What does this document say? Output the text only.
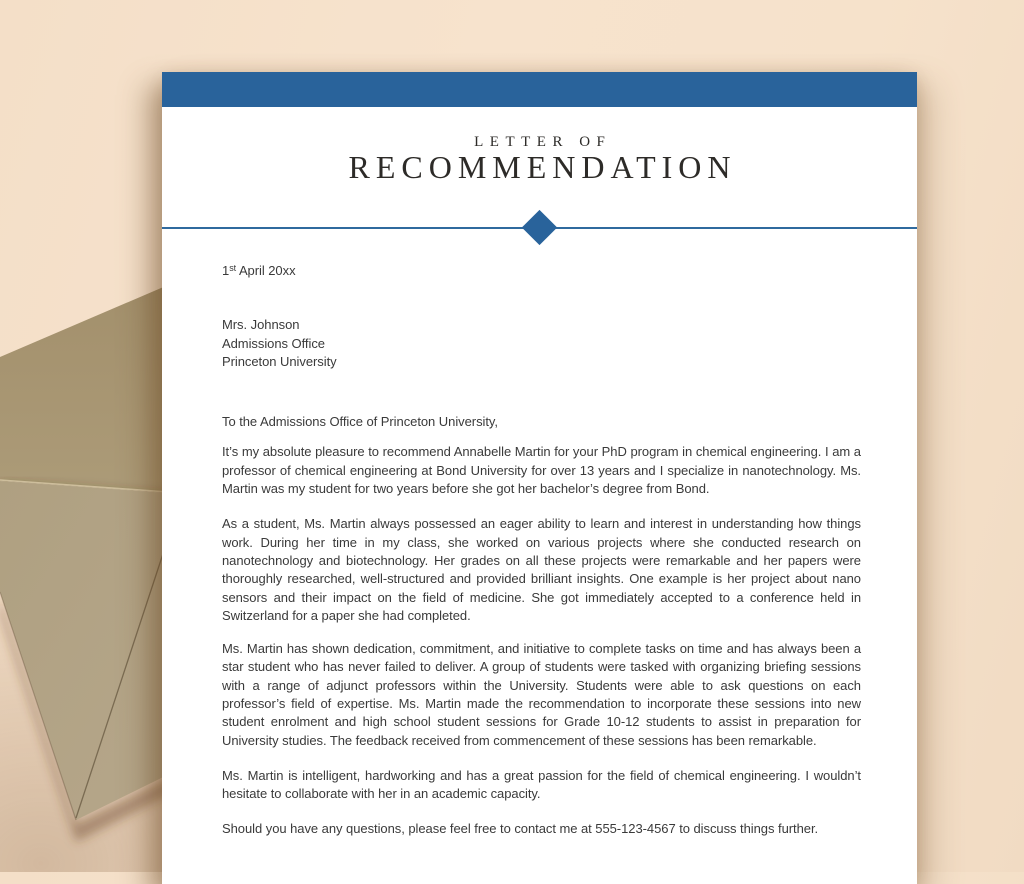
LETTER OF
RECOMMENDATION
1st April 20xx
Mrs. Johnson
Admissions Office
Princeton University
To the Admissions Office of Princeton University,

It’s my absolute pleasure to recommend Annabelle Martin for your PhD program in chemical engineering. I am a professor of chemical engineering at Bond University for over 13 years and I specialize in nanotechnology. Ms. Martin was my student for two years before she got her bachelor’s degree from Bond.

As a student, Ms. Martin always possessed an eager ability to learn and interest in understanding how things work. During her time in my class, she worked on various projects where she conducted research on nanotechnology and biotechnology. Her grades on all these projects were remarkable and her papers were thoroughly researched, well-structured and provided brilliant insights. One example is her project about nano sensors and their impact on the field of medicine. She got immediately accepted to a conference held in Switzerland for a paper she had completed.

Ms. Martin has shown dedication, commitment, and initiative to complete tasks on time and has always been a star student who has never failed to deliver. A group of students were tasked with organizing briefing sessions with a range of adjunct professors within the University. Students were able to ask questions on each professor’s field of expertise. Ms. Martin made the recommendation to incorporate these sessions into new student enrolment and high school student sessions for Grade 10-12 students to assist in preparation for University studies. The feedback received from commencement of these sessions has been remarkable.

Ms. Martin is intelligent, hardworking and has a great passion for the field of chemical engineering. I wouldn’t hesitate to collaborate with her in an academic capacity.

Should you have any questions, please feel free to contact me at 555-123-4567 to discuss things further.
